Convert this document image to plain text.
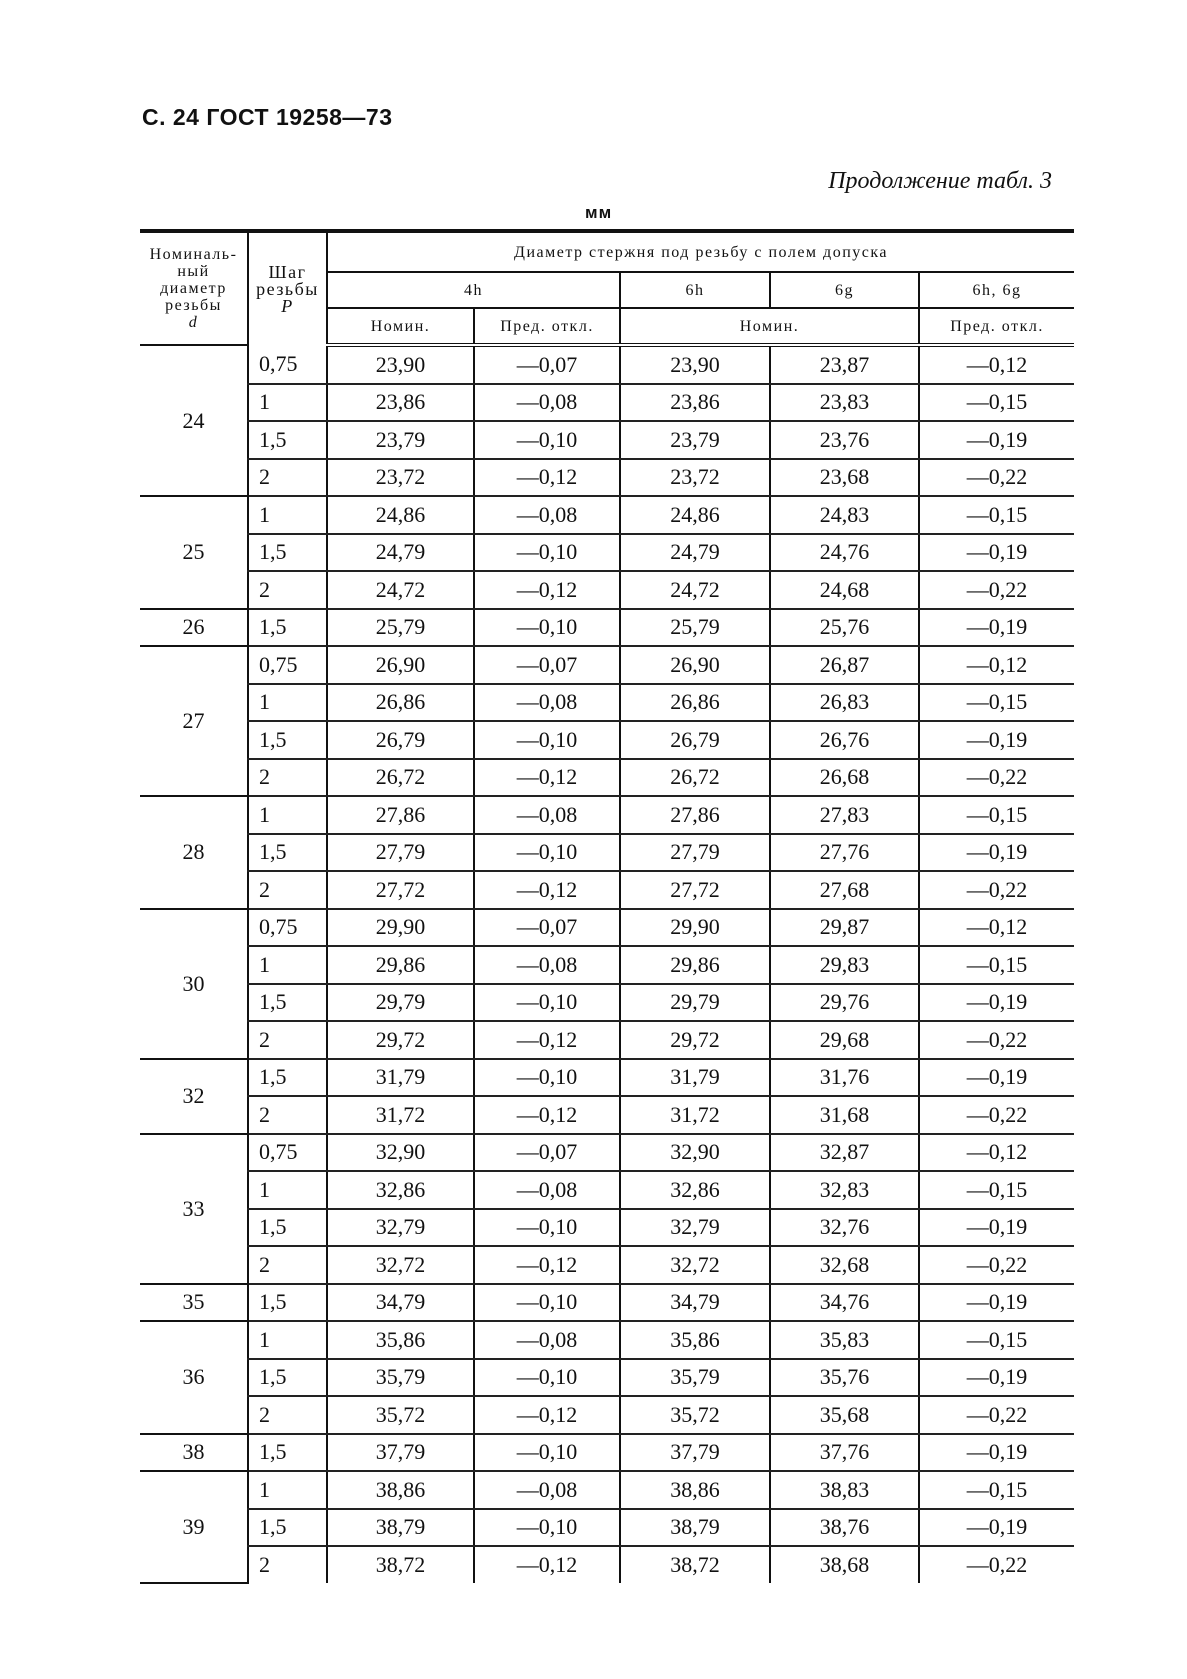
С. 24 ГОСТ 19258—73
Продолжение табл. 3
мм
Номиналь-
ный
диаметр
резьбы
d	Шаг
резьбы
P	Диаметр стержня под резьбу с полем допуска				
		4h		6h	6g	6h, 6g
		Номин.	Пред. откл.	Номин.		Пред. откл.
24	0,75	23,90	—0,07	23,90	23,87	—0,12
	1	23,86	—0,08	23,86	23,83	—0,15
	1,5	23,79	—0,10	23,79	23,76	—0,19
	2	23,72	—0,12	23,72	23,68	—0,22
25	1	24,86	—0,08	24,86	24,83	—0,15
	1,5	24,79	—0,10	24,79	24,76	—0,19
	2	24,72	—0,12	24,72	24,68	—0,22
26	1,5	25,79	—0,10	25,79	25,76	—0,19
27	0,75	26,90	—0,07	26,90	26,87	—0,12
	1	26,86	—0,08	26,86	26,83	—0,15
	1,5	26,79	—0,10	26,79	26,76	—0,19
	2	26,72	—0,12	26,72	26,68	—0,22
28	1	27,86	—0,08	27,86	27,83	—0,15
	1,5	27,79	—0,10	27,79	27,76	—0,19
	2	27,72	—0,12	27,72	27,68	—0,22
30	0,75	29,90	—0,07	29,90	29,87	—0,12
	1	29,86	—0,08	29,86	29,83	—0,15
	1,5	29,79	—0,10	29,79	29,76	—0,19
	2	29,72	—0,12	29,72	29,68	—0,22
32	1,5	31,79	—0,10	31,79	31,76	—0,19
	2	31,72	—0,12	31,72	31,68	—0,22
33	0,75	32,90	—0,07	32,90	32,87	—0,12
	1	32,86	—0,08	32,86	32,83	—0,15
	1,5	32,79	—0,10	32,79	32,76	—0,19
	2	32,72	—0,12	32,72	32,68	—0,22
35	1,5	34,79	—0,10	34,79	34,76	—0,19
36	1	35,86	—0,08	35,86	35,83	—0,15
	1,5	35,79	—0,10	35,79	35,76	—0,19
	2	35,72	—0,12	35,72	35,68	—0,22
38	1,5	37,79	—0,10	37,79	37,76	—0,19
39	1	38,86	—0,08	38,86	38,83	—0,15
	1,5	38,79	—0,10	38,79	38,76	—0,19
	2	38,72	—0,12	38,72	38,68	—0,22
